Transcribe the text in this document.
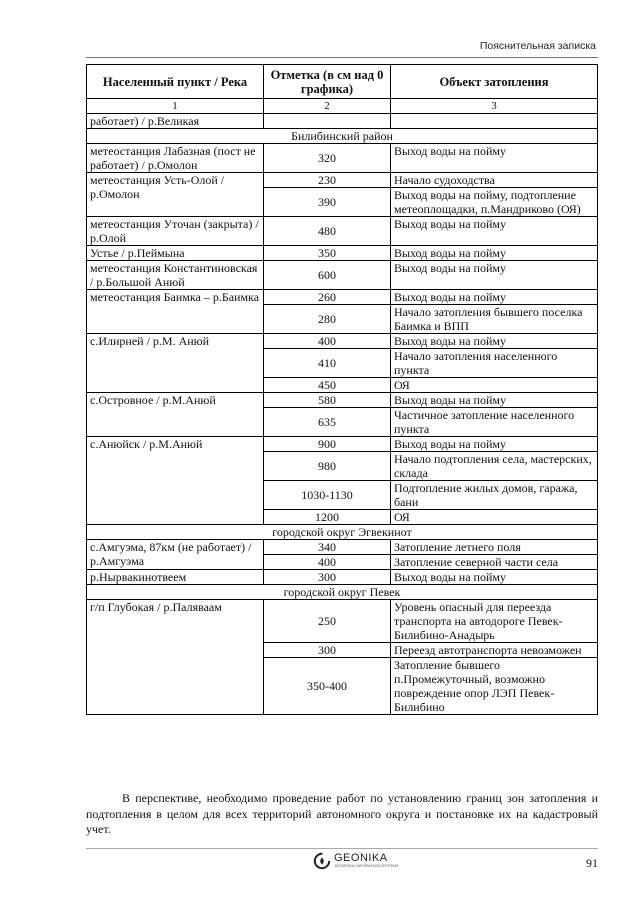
Пояснительная записка
Населенный пункт / Река	Отметка (в см над 0 графика)	Объект затопления
1	2	3
работает) / р.Великая		
Билибинский район		
метеостанция Лабазная (пост не работает) / р.Омолон	320	Выход воды на пойму
метеостанция Усть-Олой / р.Омолон	230	Начало судоходства
	390	Выход воды на пойму, подтопление метеоплощадки, п.Мандриково (ОЯ)
метеостанция Уточан (закрыта) / р.Олой	480	Выход воды на пойму
Устье / р.Пеймына	350	Выход воды на пойму
метеостанция Константиновская / р.Большой Анюй	600	Выход воды на пойму
метеостанция Баимка – р.Баимка	260	Выход воды на пойму
	280	Начало затопления бывшего поселка Баимка и ВПП
с.Илирней / р.М. Анюй	400	Выход воды на пойму
	410	Начало затопления населенного пункта
	450	ОЯ
с.Островное / р.М.Анюй	580	Выход воды на пойму
	635	Частичное затопление населенного пункта
с.Анюйск / р.М.Анюй	900	Выход воды на пойму
	980	Начало подтопления села, мастерских, склада
	1030-1130	Подтопление жилых домов, гаража, бани
	1200	ОЯ
городской округ Эгвекинот		
с.Амгуэма, 87км (не работает) / р.Амгуэма	340	Затопление летнего поля
	400	Затопление северной части села
р.Нырвакинотвеем	300	Выход воды на пойму
городской округ Певек		
г/п Глубокая / р.Паляваам	250	Уровень опасный для переезда транспорта на автодороге Певек-Билибино-Анадырь
	300	Переезд автотранспорта невозможен
	350-400	Затопление бывшего п.Промежуточный, возможно повреждение опор ЛЭП Певек-Билибино

В перспективе, необходимо проведение работ по установлению границ зон затопления и подтопления в целом для всех территорий автономного округа и постановке их на кадастровый учет.

GEONIKA
GEOSPATIAL INFORMATION SYSTEMS	91
